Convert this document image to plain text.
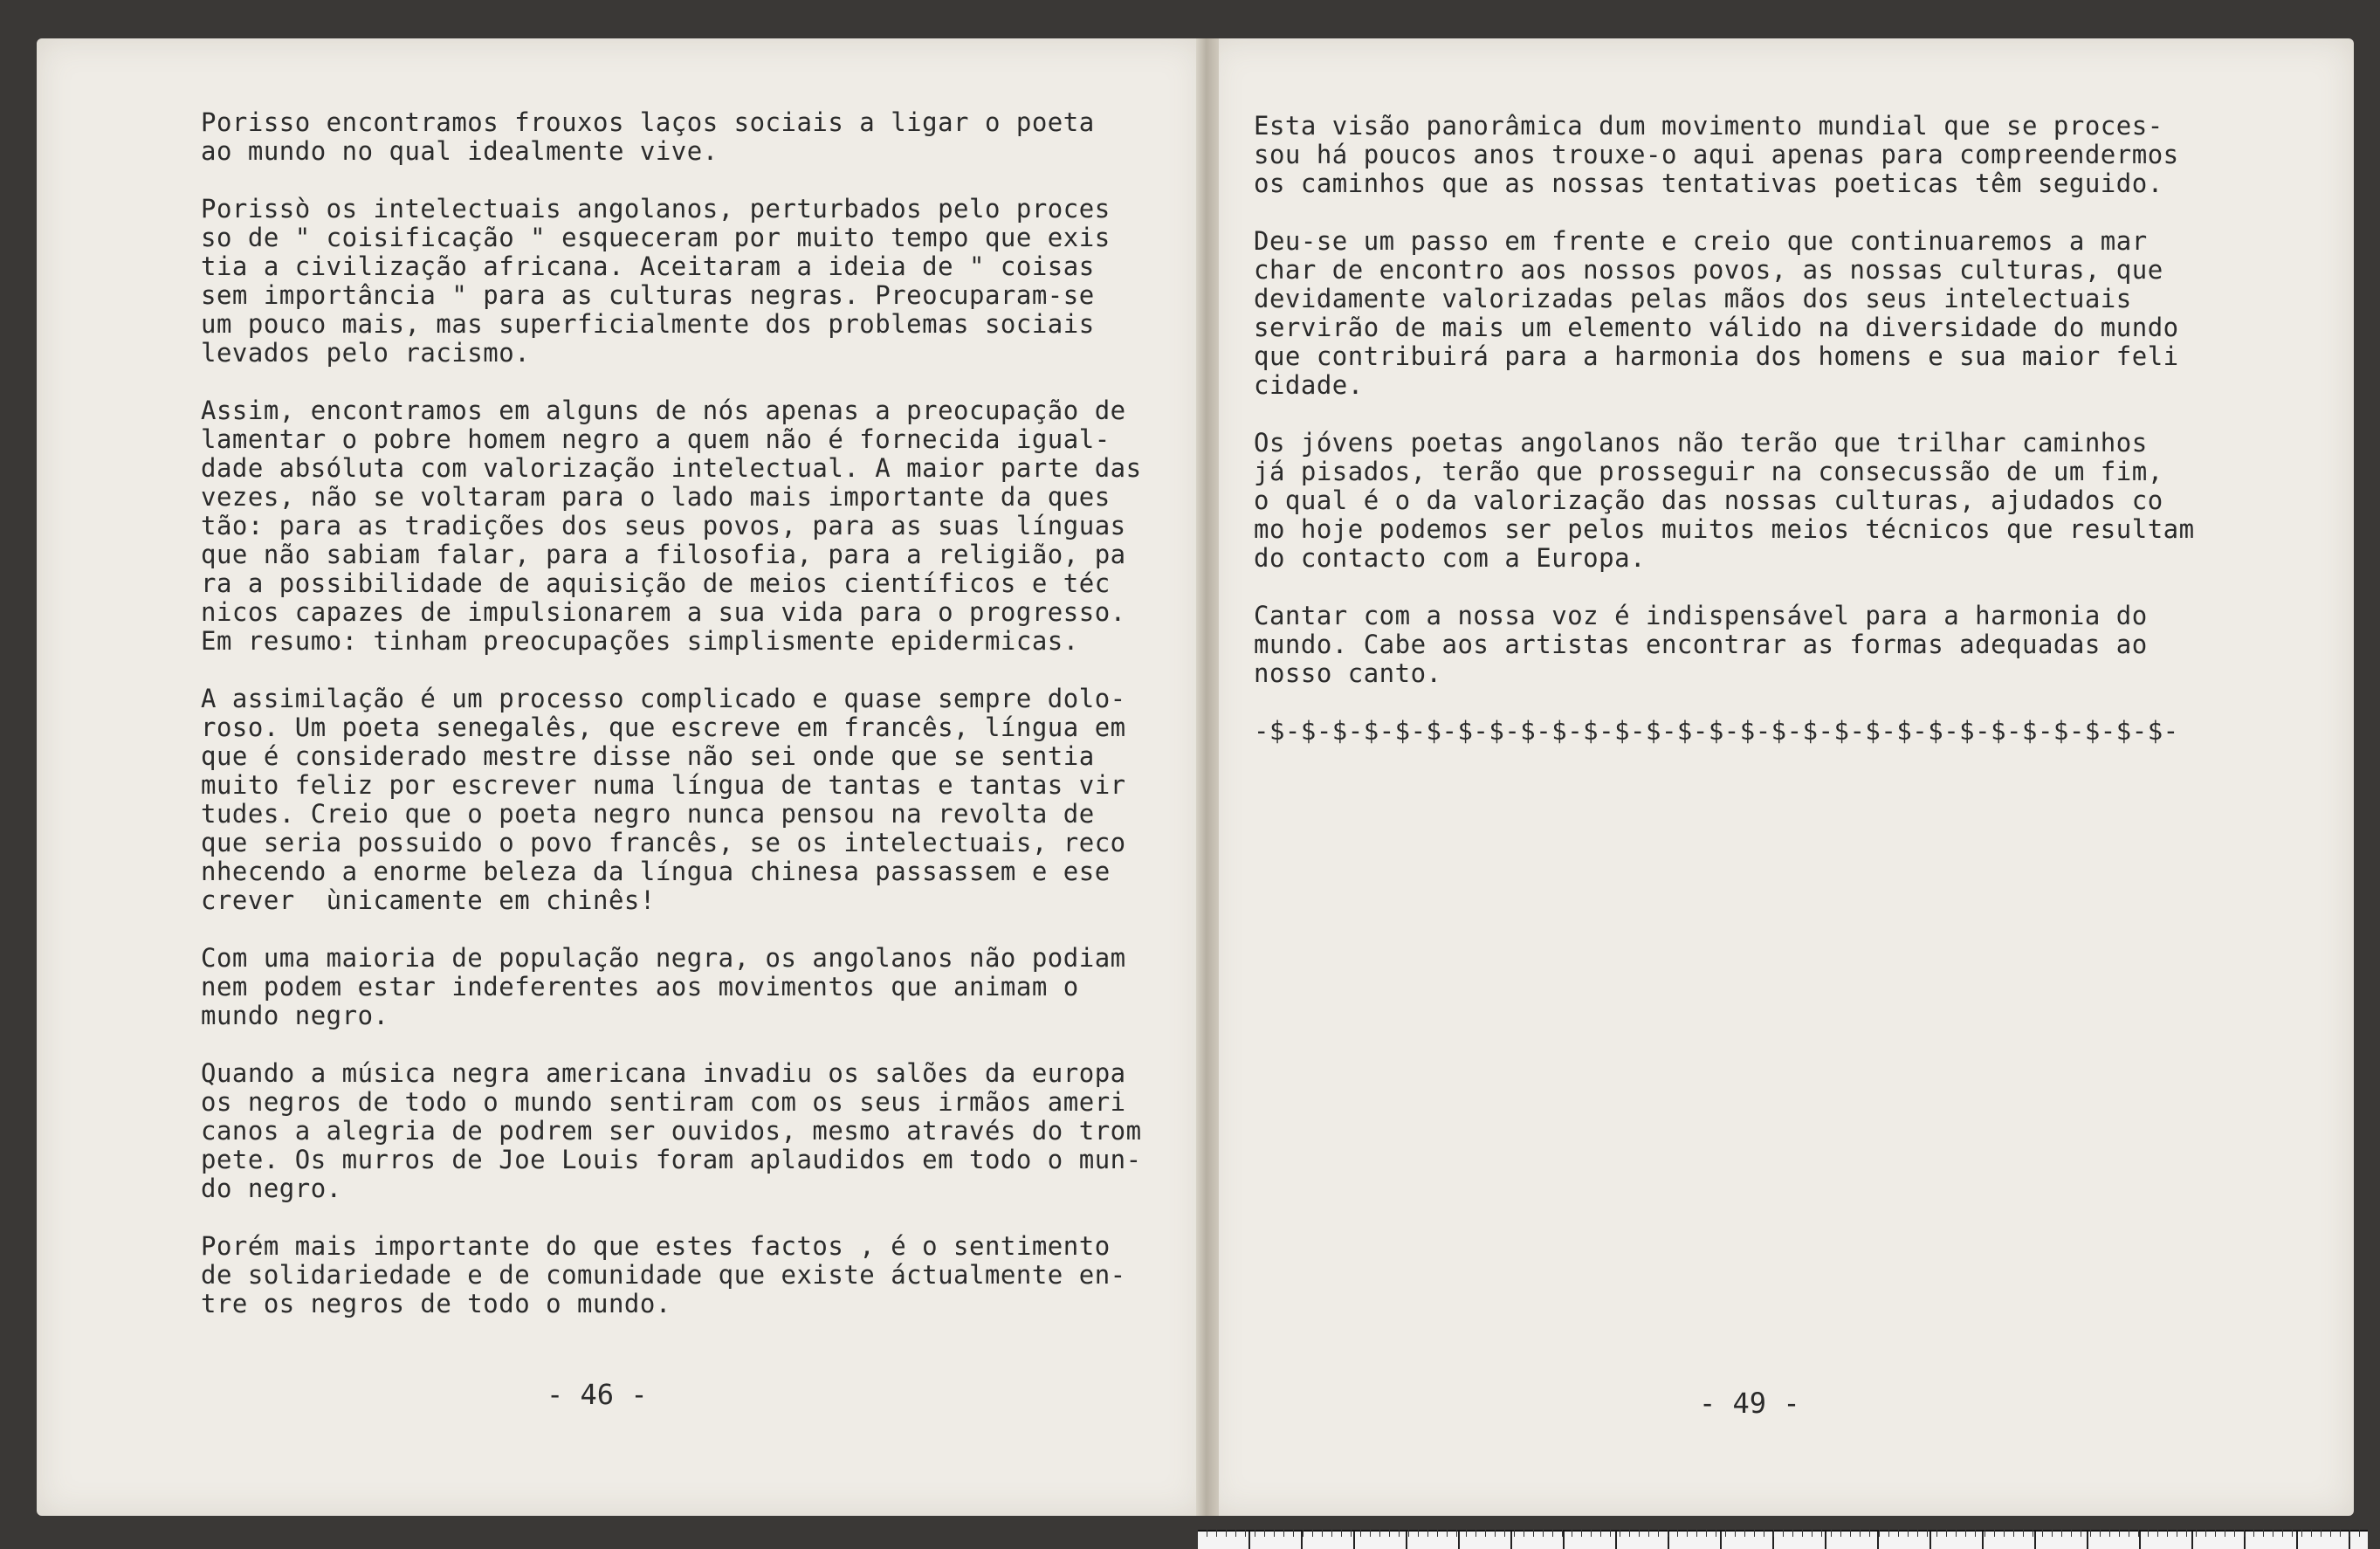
Porisso encontramos frouxos laços sociais a ligar o poeta
ao mundo no qual idealmente vive.

Porissò os intelectuais angolanos, perturbados pelo proces
so de " coisificação " esqueceram por muito tempo que exis
tia a civilização africana. Aceitaram a ideia de " coisas
sem importância " para as culturas negras. Preocuparam-se
um pouco mais, mas superficialmente dos problemas sociais
levados pelo racismo.

Assim, encontramos em alguns de nós apenas a preocupação de
lamentar o pobre homem negro a quem não é fornecida igual-
dade absóluta com valorização intelectual. A maior parte das
vezes, não se voltaram para o lado mais importante da ques
tão: para as tradições dos seus povos, para as suas línguas
que não sabiam falar, para a filosofia, para a religião, pa
ra a possibilidade de aquisição de meios científicos e téc
nicos capazes de impulsionarem a sua vida para o progresso.
Em resumo: tinham preocupações simplismente epidermicas.

A assimilação é um processo complicado e quase sempre dolo-
roso. Um poeta senegalês, que escreve em francês, língua em
que é considerado mestre disse não sei onde que se sentia
muito feliz por escrever numa língua de tantas e tantas vir
tudes. Creio que o poeta negro nunca pensou na revolta de
que seria possuido o povo francês, se os intelectuais, reco
nhecendo a enorme beleza da língua chinesa passassem e ese
crever  ùnicamente em chinês!

Com uma maioria de população negra, os angolanos não podiam
nem podem estar indeferentes aos movimentos que animam o
mundo negro.

Quando a música negra americana invadiu os salões da europa
os negros de todo o mundo sentiram com os seus irmãos ameri
canos a alegria de podrem ser ouvidos, mesmo através do trom
pete. Os murros de Joe Louis foram aplaudidos em todo o mun-
do negro.

Porém mais importante do que estes factos , é o sentimento
de solidariedade e de comunidade que existe áctualmente en-
tre os negros de todo o mundo.

- 46 -

Esta visão panorâmica dum movimento mundial que se proces-
sou há poucos anos trouxe-o aqui apenas para compreendermos
os caminhos que as nossas tentativas poeticas têm seguido.

Deu-se um passo em frente e creio que continuaremos a mar
char de encontro aos nossos povos, as nossas culturas, que
devidamente valorizadas pelas mãos dos seus intelectuais
servirão de mais um elemento válido na diversidade do mundo
que contribuirá para a harmonia dos homens e sua maior feli
cidade.

Os jóvens poetas angolanos não terão que trilhar caminhos
já pisados, terão que prosseguir na consecussão de um fim,
o qual é o da valorização das nossas culturas, ajudados co
mo hoje podemos ser pelos muitos meios técnicos que resultam
do contacto com a Europa.

Cantar com a nossa voz é indispensável para a harmonia do
mundo. Cabe aos artistas encontrar as formas adequadas ao
nosso canto.

-$-$-$-$-$-$-$-$-$-$-$-$-$-$-$-$-$-$-$-$-$-$-$-$-$-$-$-$-$-

- 49 -
